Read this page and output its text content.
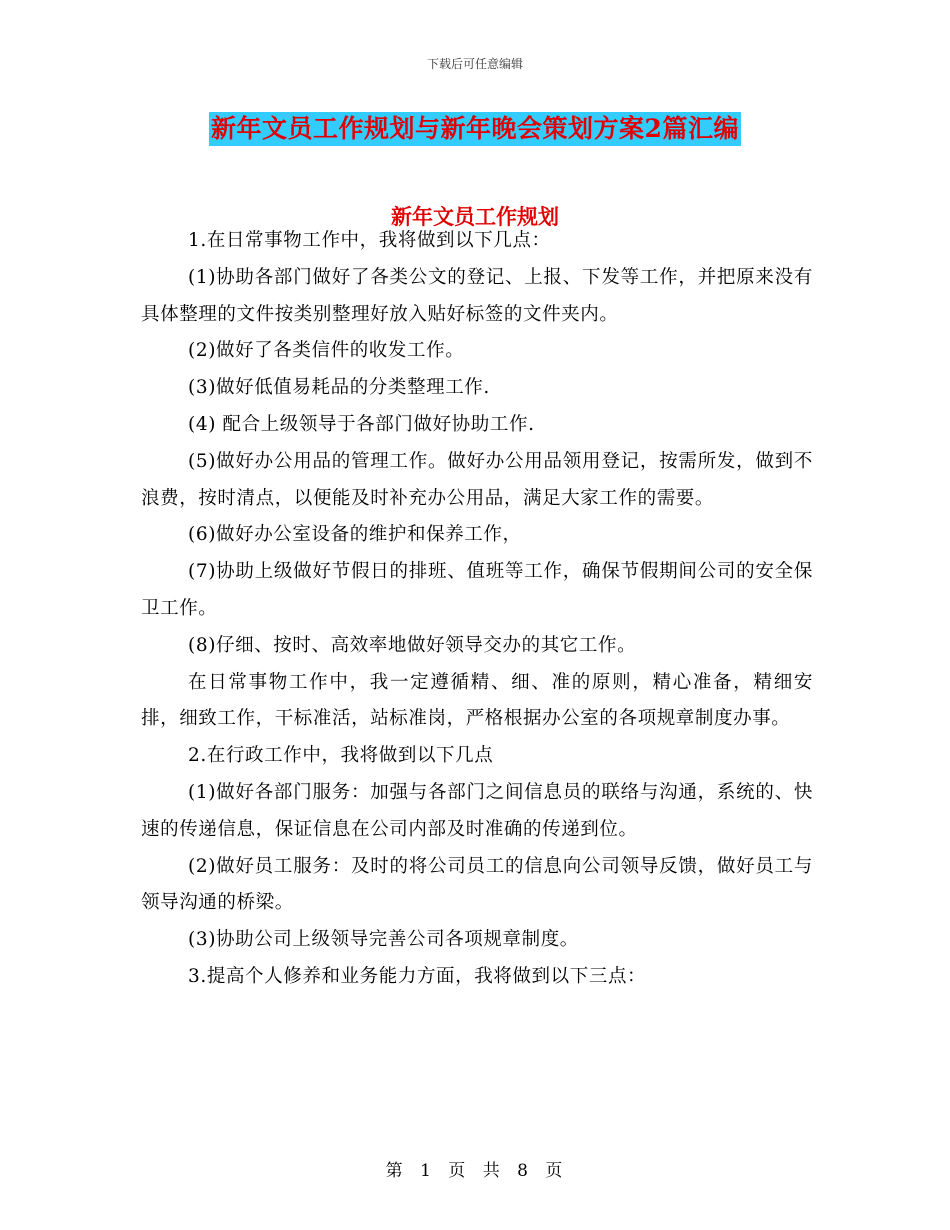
下载后可任意编辑
新年文员工作规划与新年晚会策划方案2篇汇编
新年文员工作规划

1.在日常事物工作中，我将做到以下几点：

(1)协助各部门做好了各类公文的登记、上报、下发等工作，并把原来没有具体整理的文件按类别整理好放入贴好标签的文件夹内。

(2)做好了各类信件的收发工作。

(3)做好低值易耗品的分类整理工作.

(4) 配合上级领导于各部门做好协助工作.

(5)做好办公用品的管理工作。做好办公用品领用登记，按需所发，做到不浪费，按时清点，以便能及时补充办公用品，满足大家工作的需要。

(6)做好办公室设备的维护和保养工作，

(7)协助上级做好节假日的排班、值班等工作，确保节假期间公司的安全保卫工作。

(8)仔细、按时、高效率地做好领导交办的其它工作。

在日常事物工作中，我一定遵循精、细、准的原则，精心准备，精细安排，细致工作，干标准活，站标准岗，严格根据办公室的各项规章制度办事。

2.在行政工作中，我将做到以下几点

(1)做好各部门服务：加强与各部门之间信息员的联络与沟通，系统的、快速的传递信息，保证信息在公司内部及时准确的传递到位。

(2)做好员工服务：及时的将公司员工的信息向公司领导反馈，做好员工与领导沟通的桥梁。

(3)协助公司上级领导完善公司各项规章制度。

3.提高个人修养和业务能力方面，我将做到以下三点：

第 1 页 共 8 页
